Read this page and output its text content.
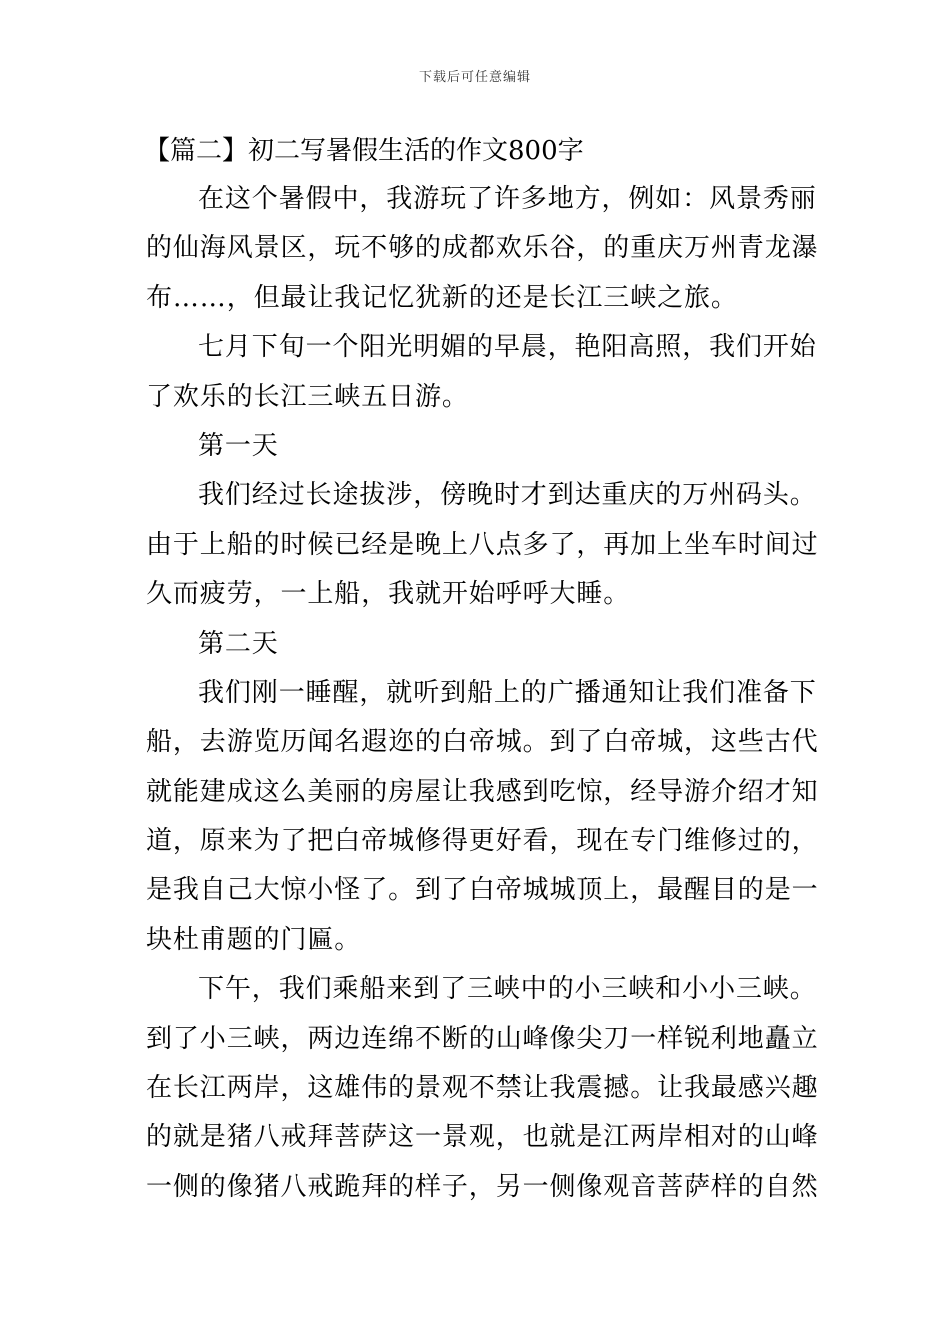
下载后可任意编辑
【篇二】初二写暑假生活的作文800字
在这个暑假中，我游玩了许多地方，例如：风景秀丽
的仙海风景区，玩不够的成都欢乐谷，的重庆万州青龙瀑
布……，但最让我记忆犹新的还是长江三峡之旅。
七月下旬一个阳光明媚的早晨，艳阳高照，我们开始
了欢乐的长江三峡五日游。
第一天
我们经过长途拔涉，傍晚时才到达重庆的万州码头。
由于上船的时候已经是晚上八点多了，再加上坐车时间过
久而疲劳，一上船，我就开始呼呼大睡。
第二天
我们刚一睡醒，就听到船上的广播通知让我们准备下
船，去游览历闻名遐迩的白帝城。到了白帝城，这些古代
就能建成这么美丽的房屋让我感到吃惊，经导游介绍才知
道，原来为了把白帝城修得更好看，现在专门维修过的，
是我自己大惊小怪了。到了白帝城城顶上，最醒目的是一
块杜甫题的门匾。
下午，我们乘船来到了三峡中的小三峡和小小三峡。
到了小三峡，两边连绵不断的山峰像尖刀一样锐利地矗立
在长江两岸，这雄伟的景观不禁让我震撼。让我最感兴趣
的就是猪八戒拜菩萨这一景观，也就是江两岸相对的山峰
一侧的像猪八戒跪拜的样子，另一侧像观音菩萨样的自然
